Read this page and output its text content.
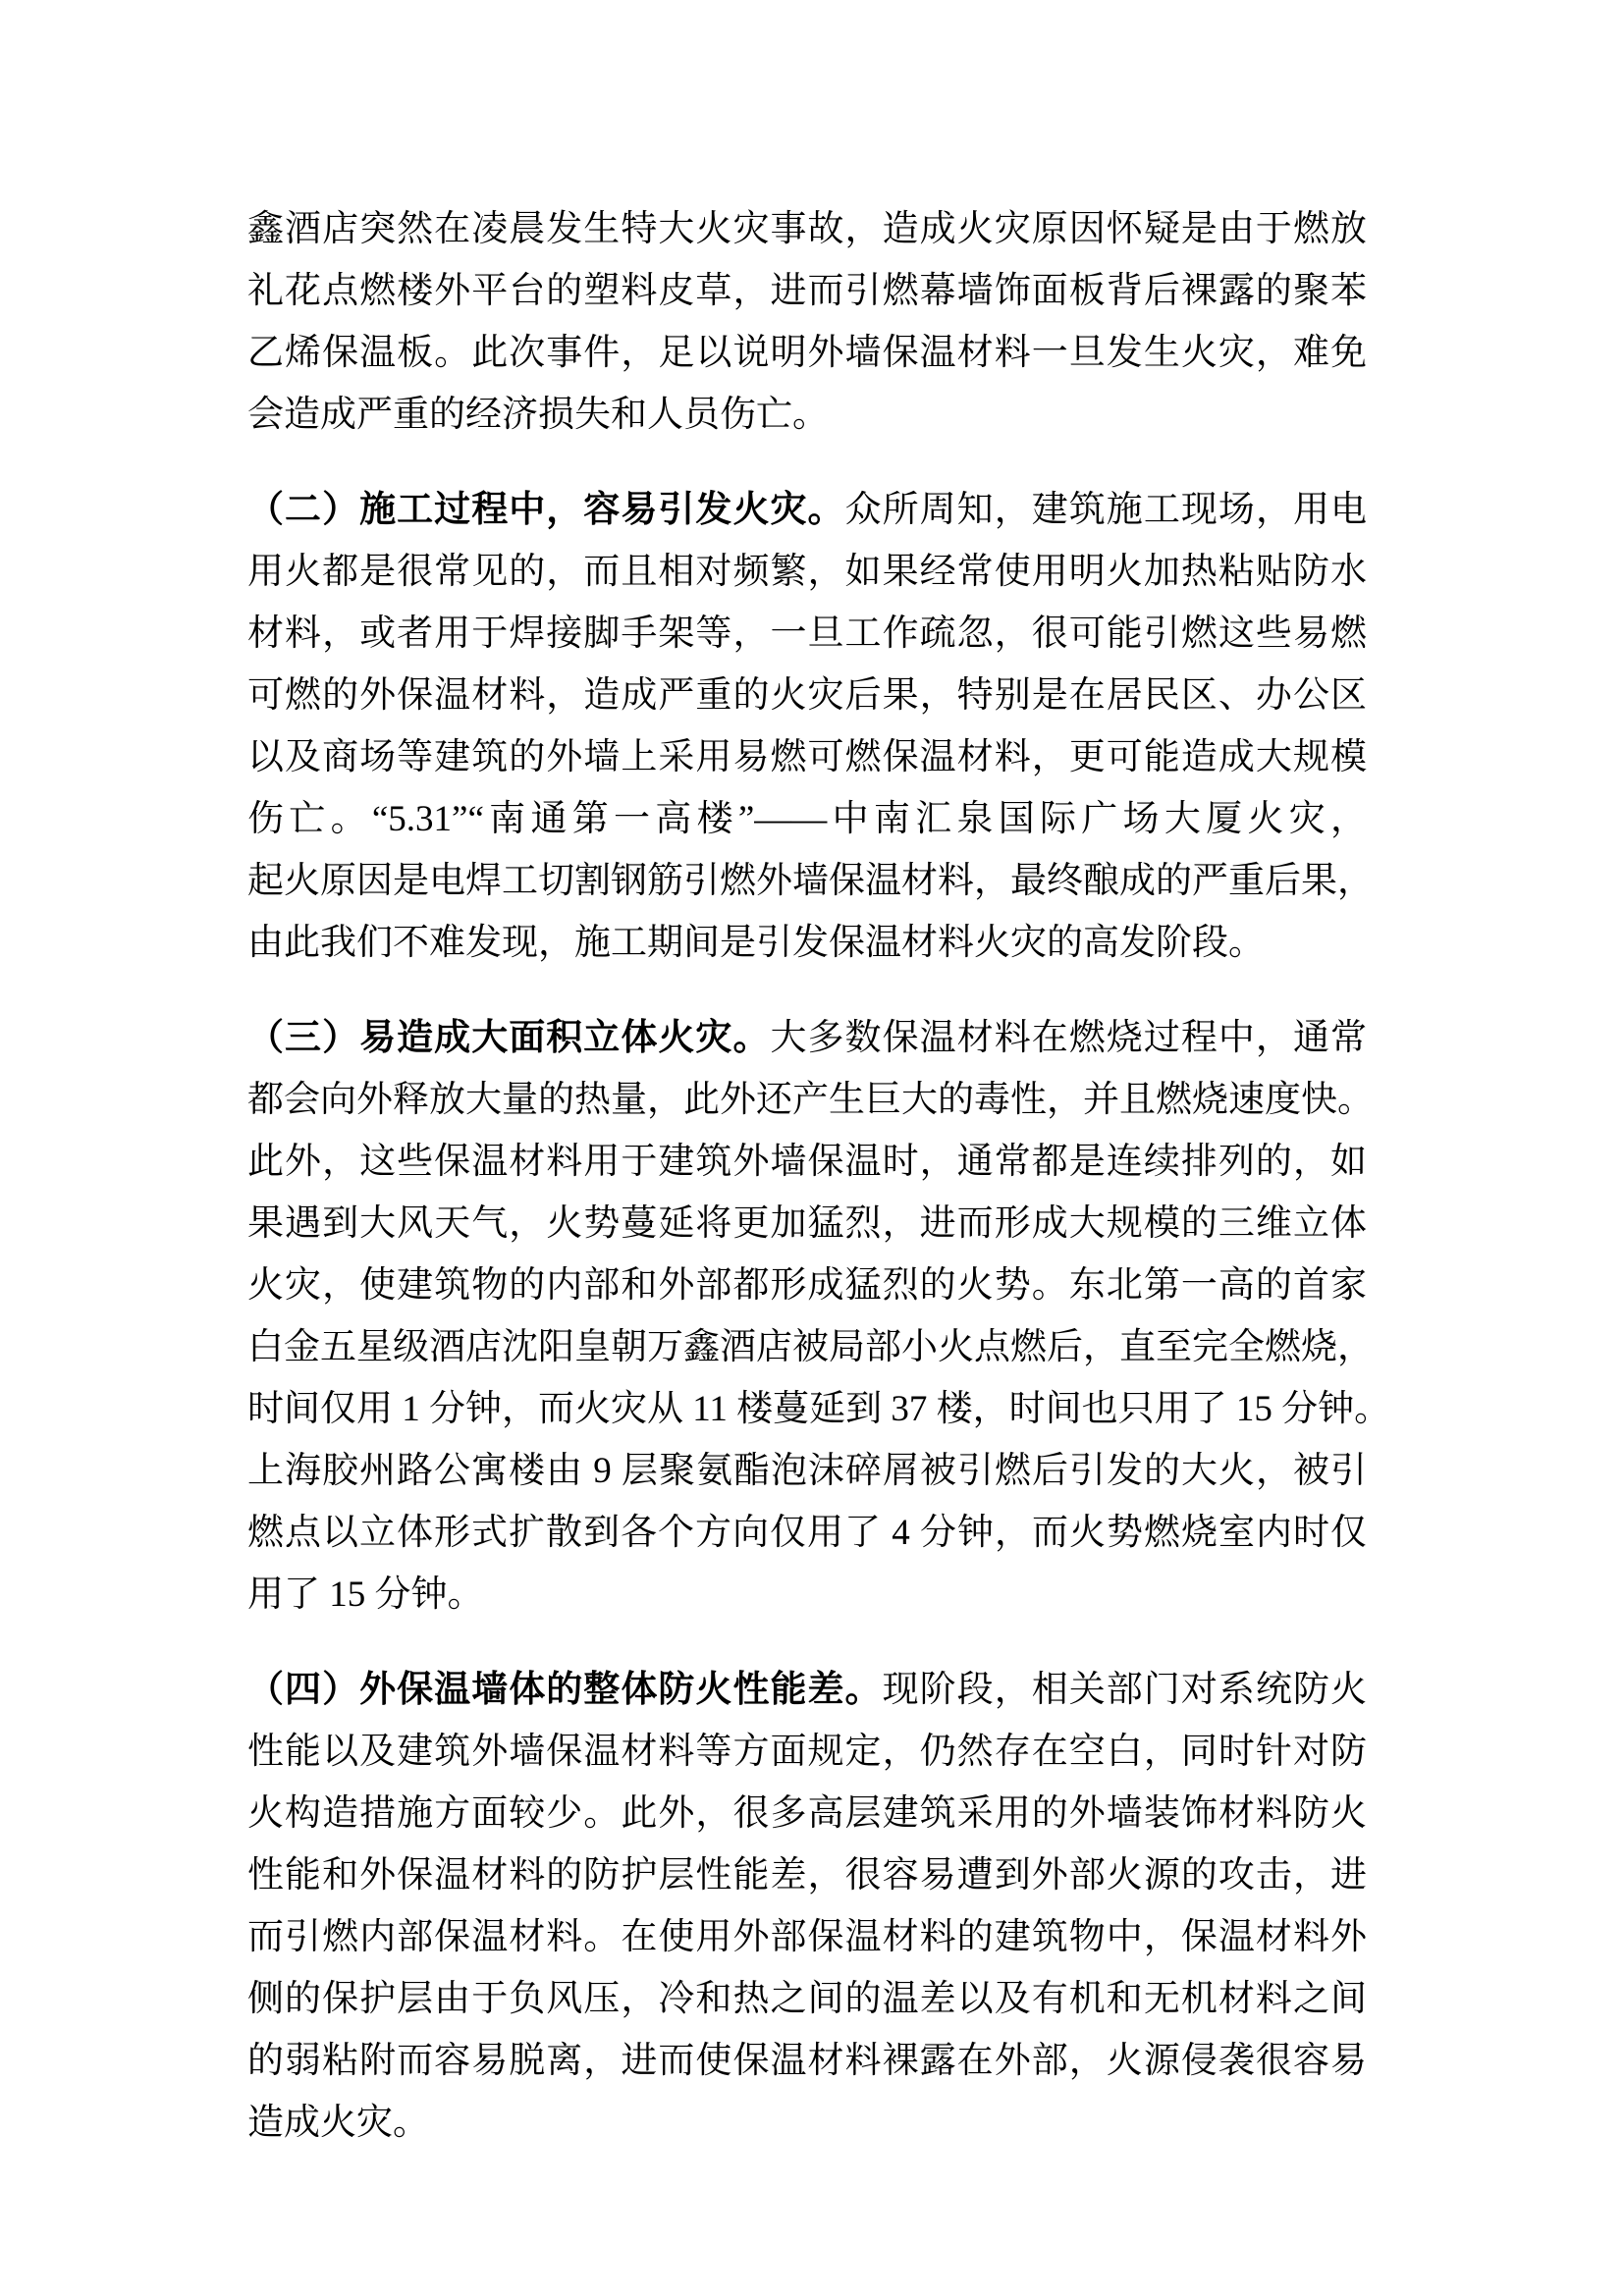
鑫酒店突然在凌晨发生特大火灾事故，造成火灾原因怀疑是由于燃放
礼花点燃楼外平台的塑料皮草，进而引燃幕墙饰面板背后裸露的聚苯
乙烯保温板。此次事件，足以说明外墙保温材料一旦发生火灾，难免
会造成严重的经济损失和人员伤亡。
（二）施工过程中，容易引发火灾。众所周知，建筑施工现场，用电
用火都是很常见的，而且相对频繁，如果经常使用明火加热粘贴防水
材料，或者用于焊接脚手架等，一旦工作疏忽，很可能引燃这些易燃
可燃的外保温材料，造成严重的火灾后果，特别是在居民区、办公区
以及商场等建筑的外墙上采用易燃可燃保温材料，更可能造成大规模
伤亡。“5.31”“南通第一高楼”——中南汇泉国际广场大厦火灾，
起火原因是电焊工切割钢筋引燃外墙保温材料，最终酿成的严重后果，
由此我们不难发现，施工期间是引发保温材料火灾的高发阶段。
（三）易造成大面积立体火灾。大多数保温材料在燃烧过程中，通常
都会向外释放大量的热量，此外还产生巨大的毒性，并且燃烧速度快。
此外，这些保温材料用于建筑外墙保温时，通常都是连续排列的，如
果遇到大风天气，火势蔓延将更加猛烈，进而形成大规模的三维立体
火灾，使建筑物的内部和外部都形成猛烈的火势。东北第一高的首家
白金五星级酒店沈阳皇朝万鑫酒店被局部小火点燃后，直至完全燃烧，
时间仅用 1 分钟，而火灾从 11 楼蔓延到 37 楼，时间也只用了 15 分钟。
上海胶州路公寓楼由 9 层聚氨酯泡沫碎屑被引燃后引发的大火，被引
燃点以立体形式扩散到各个方向仅用了 4 分钟，而火势燃烧室内时仅
用了 15 分钟。
（四）外保温墙体的整体防火性能差。现阶段，相关部门对系统防火
性能以及建筑外墙保温材料等方面规定，仍然存在空白，同时针对防
火构造措施方面较少。此外，很多高层建筑采用的外墙装饰材料防火
性能和外保温材料的防护层性能差，很容易遭到外部火源的攻击，进
而引燃内部保温材料。在使用外部保温材料的建筑物中，保温材料外
侧的保护层由于负风压，冷和热之间的温差以及有机和无机材料之间
的弱粘附而容易脱离，进而使保温材料裸露在外部，火源侵袭很容易
造成火灾。
